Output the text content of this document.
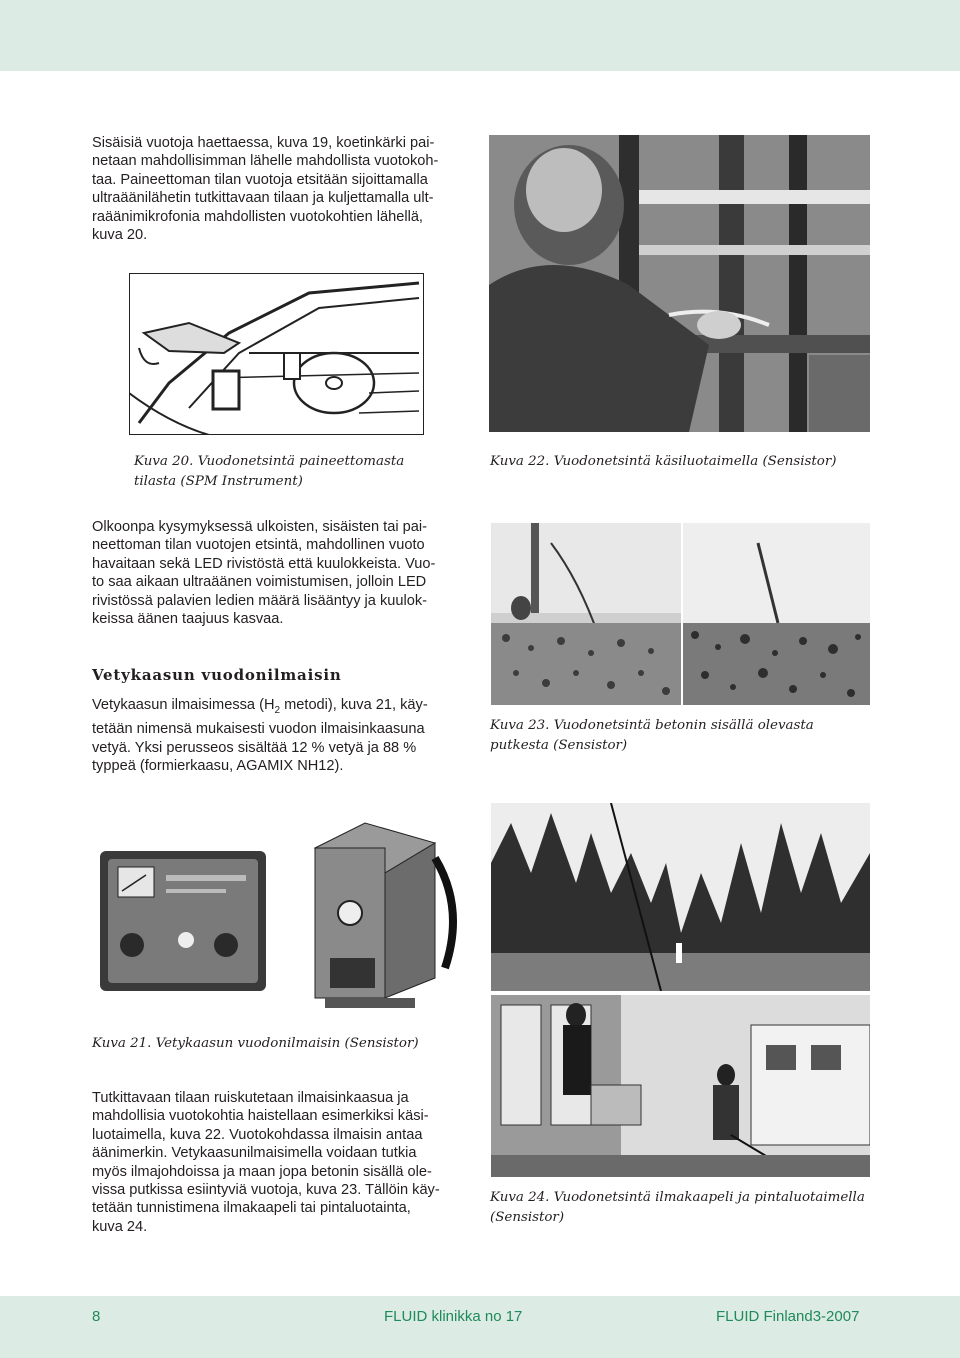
Sisäisiä vuotoja haettaessa, kuva 19, koetinkärki pai-
netaan mahdollisimman lähelle mahdollista vuotokoh-
taa. Paineettoman tilan vuotoja etsitään sijoittamalla
ultraäänilähetin tutkittavaan tilaan ja kuljettamalla ult-
raäänimikrofonia mahdollisten vuotokohtien lähellä,
kuva 20.
Kuva 20. Vuodonetsintä paineettomasta
tilasta (SPM Instrument)
Kuva 22. Vuodonetsintä käsiluotaimella (Sensistor)
Olkoonpa kysymyksessä ulkoisten, sisäisten tai pai-
neettoman tilan vuotojen etsintä, mahdollinen vuoto
havaitaan sekä LED rivistöstä että kuulokkeista. Vuo-
to saa aikaan ultraäänen voimistumisen, jolloin LED
rivistössä palavien ledien määrä lisääntyy ja kuulok-
keissa äänen taajuus kasvaa.
Kuva 23. Vuodonetsintä betonin sisällä olevasta
putkesta (Sensistor)
Vetykaasun vuodonilmaisin
Vetykaasun ilmaisimessa ($H_2$ metodi), kuva 21, käy-
tetään nimensä mukaisesti vuodon ilmaisinkaasuna
vetyä. Yksi perusseos sisältää 12 % vetyä ja 88 %
typpeä (formierkaasu, AGAMIX NH12).
Kuva 21. Vetykaasun vuodonilmaisin (Sensistor)
Kuva 24. Vuodonetsintä ilmakaapeli ja pintaluotaimella
(Sensistor)
Tutkittavaan tilaan ruiskutetaan ilmaisinkaasua ja
mahdollisia vuotokohtia haistellaan esimerkiksi käsi-
luotaimella, kuva 22. Vuotokohdassa ilmaisin antaa
äänimerkin. Vetykaasunilmaisimella voidaan tutkia
myös ilmajohdoissa ja maan jopa betonin sisällä ole-
vissa putkissa esiintyviä vuotoja, kuva 23. Tällöin käy-
tetään tunnistimena ilmakaapeli tai pintaluotainta,
kuva 24.
8	FLUID klinikka no 17	FLUID Finland3-2007
